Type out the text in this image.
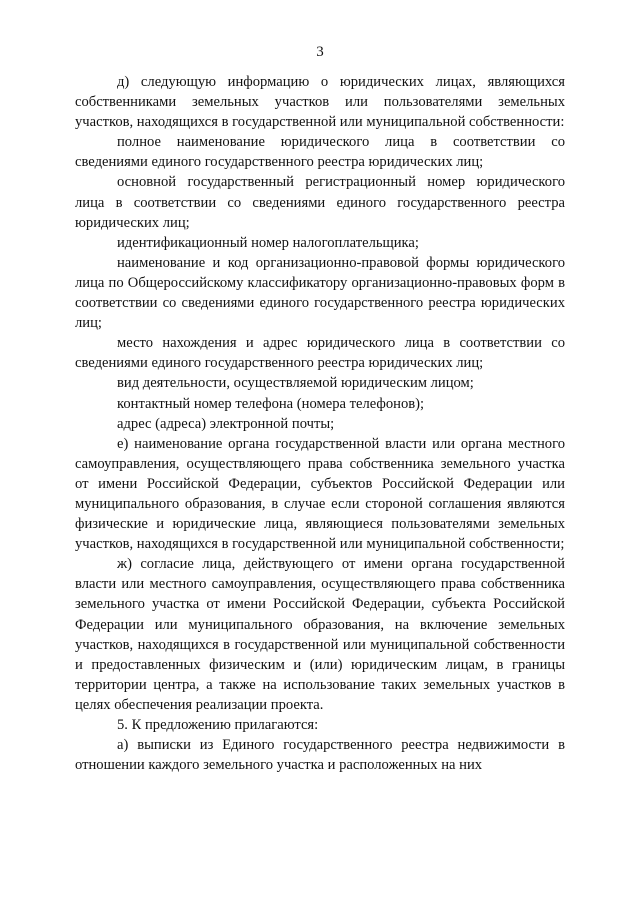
3

д) следующую информацию о юридических лицах, являющихся собственниками земельных участков или пользователями земельных участков, находящихся в государственной или муниципальной собственности:

полное наименование юридического лица в соответствии со сведениями единого государственного реестра юридических лиц;

основной государственный регистрационный номер юридического лица в соответствии со сведениями единого государственного реестра юридических лиц;

идентификационный номер налогоплательщика;

наименование и код организационно-правовой формы юридического лица по Общероссийскому классификатору организационно-правовых форм в соответствии со сведениями единого государственного реестра юридических лиц;

место нахождения и адрес юридического лица в соответствии со сведениями единого государственного реестра юридических лиц;

вид деятельности, осуществляемой юридическим лицом;

контактный номер телефона (номера телефонов);

адрес (адреса) электронной почты;

е) наименование органа государственной власти или органа местного самоуправления, осуществляющего права собственника земельного участка от имени Российской Федерации, субъектов Российской Федерации или муниципального образования, в случае если стороной соглашения являются физические и юридические лица, являющиеся пользователями земельных участков, находящихся в государственной или муниципальной собственности;

ж) согласие лица, действующего от имени органа государственной власти или местного самоуправления, осуществляющего права собственника земельного участка от имени Российской Федерации, субъекта Российской Федерации или муниципального образования, на включение земельных участков, находящихся в государственной или муниципальной собственности и предоставленных физическим и (или) юридическим лицам, в границы территории центра, а также на использование таких земельных участков в целях обеспечения реализации проекта.

5. К предложению прилагаются:

а) выписки из Единого государственного реестра недвижимости в отношении каждого земельного участка и расположенных на них
